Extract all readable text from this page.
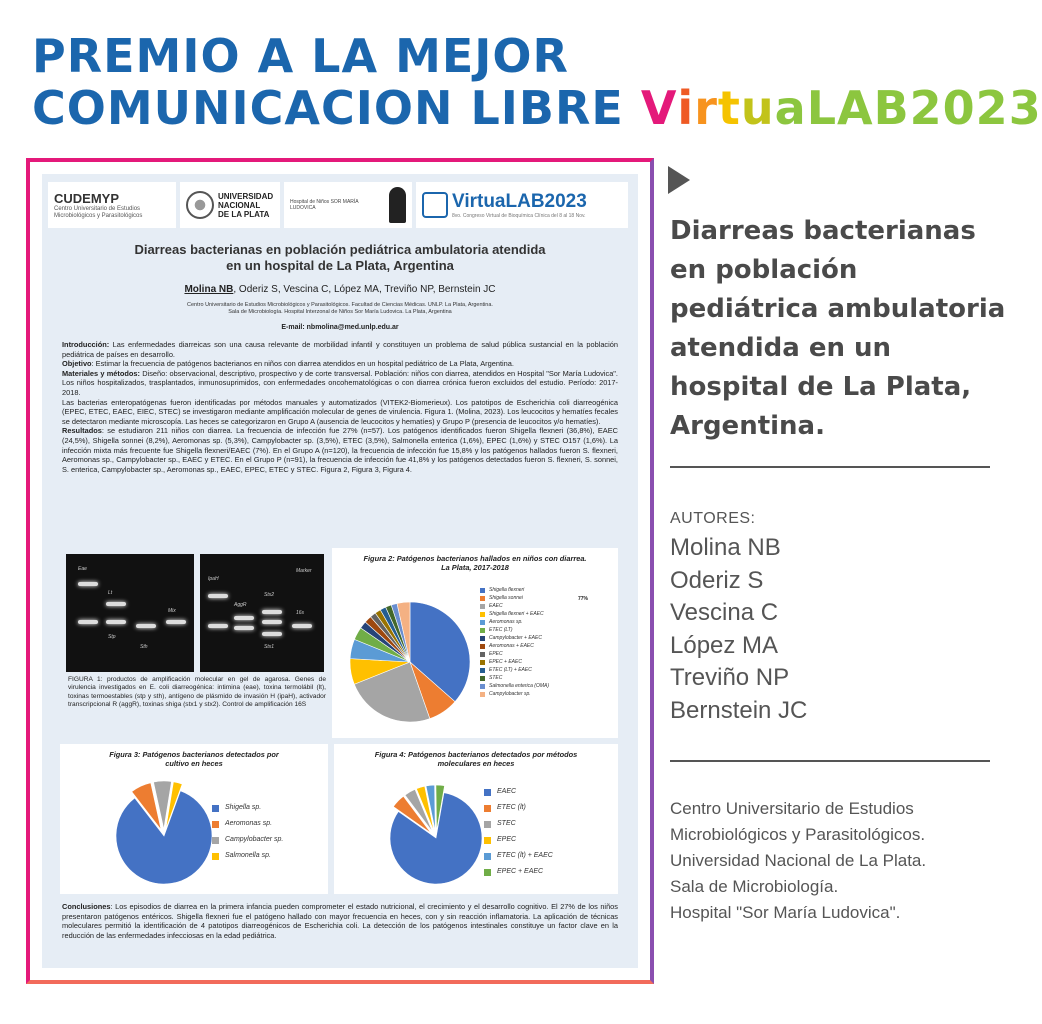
PREMIO A LA MEJOR
COMUNICACION LIBRE VirtuaLAB2023
CUDEMYP
Centro Universitario de Estudios Microbiológicos y Parasitológicos
UNIVERSIDAD
NACIONAL
DE LA PLATA
Hospital de Niños SOR MARÍA LUDOVICA	VirtuaLAB2023
8vo. Congreso Virtual de Bioquímica Clínica del 8 al 18 Nov.
Diarreas bacterianas en población pediátrica ambulatoria atendida
en un hospital de La Plata, Argentina
Molina NB, Oderiz S, Vescina C, López MA, Treviño NP, Bernstein JC
Centro Universitario de Estudios Microbiológicos y Parasitológicos. Facultad de Ciencias Médicas. UNLP. La Plata, Argentina.
Sala de Microbiología. Hospital Interzonal de Niños Sor María Ludovica. La Plata, Argentina
E-mail: nbmolina@med.unlp.edu.ar

Introducción: Las enfermedades diarreicas son una causa relevante de morbilidad infantil y constituyen un problema de salud pública sustancial en la población pediátrica de países en desarrollo.

Objetivo: Estimar la frecuencia de patógenos bacterianos en niños con diarrea atendidos en un hospital pediátrico de La Plata, Argentina.

Materiales y métodos: Diseño: observacional, descriptivo, prospectivo y de corte transversal. Población: niños con diarrea, atendidos en Hospital "Sor María Ludovica". Los niños hospitalizados, trasplantados, inmunosuprimidos, con enfermedades oncohematológicas o con diarrea crónica fueron excluidos del estudio. Período: 2017-2018.

Las bacterias enteropatógenas fueron identificadas por métodos manuales y automatizados (VITEK2-Biomerieux). Los patotipos de Escherichia coli diarreogénica (EPEC, ETEC, EAEC, EIEC, STEC) se investigaron mediante amplificación molecular de genes de virulencia. Figura 1. (Molina, 2023). Los leucocitos y hematíes fecales se detectaron mediante microscopía. Las heces se categorizaron en Grupo A (ausencia de leucocitos y hematíes) y Grupo P (presencia de leucocitos y/o hematíes).

Resultados: se estudiaron 211 niños con diarrea. La frecuencia de infección fue 27% (n=57). Los patógenos identificados fueron Shigella flexneri (36,8%), EAEC (24,5%), Shigella sonnei (8,2%), Aeromonas sp. (5,3%), Campylobacter sp. (3,5%), ETEC (3,5%), Salmonella enterica (1,6%), EPEC (1,6%) y STEC O157 (1,6%). La infección mixta más frecuente fue Shigella flexneri/EAEC (7%). En el Grupo A (n=120), la frecuencia de infección fue 15,8% y los patógenos hallados fueron S. flexneri, Aeromonas sp., Campylobacter sp., EAEC y ETEC. En el Grupo P (n=91), la frecuencia de infección fue 41,8% y los patógenos detectados fueron S. flexneri, S. sonnei, S. enterica, Campylobacter sp., Aeromonas sp., EAEC, EPEC, ETEC y STEC. Figura 2, Figura 3, Figura 4.

Eae
Lt
Stp
Sth
Mix
IpaH
AggR
Stx2
Stx1
16s
Marker
FIGURA 1: productos de amplificación molecular en gel de agarosa. Genes de virulencia investigados en E. coli diarreogénica: intimina (eae), toxina termolábil (lt), toxinas termoestables (stp y sth), antígeno de plásmido de invasión H (ipaH), activador transcripcional R (aggR), toxinas shiga (stx1 y stx2). Control de amplificación 16S
Figura 2: Patógenos bacterianos hallados en niños con diarrea. La Plata, 2017-2018
Shigella flexneri
Shigella sonnei
EAEC
Shigella flexneri + EAEC
Aeromonas sp.
ETEC (LT)
Campylobacter + EAEC
Aeromonas + EAEC
EPEC
EPEC + EAEC
ETEC (LT) + EAEC
STEC
Salmonella enterica (OMA)
Campylobacter sp.
77%
Figura 3: Patógenos bacterianos detectados por cultivo en heces
Shigella sp.
Aeromonas sp.
Campylobacter sp.
Salmonella sp.
Figura 4: Patógenos bacterianos detectados por métodos moleculares en heces
EAEC
ETEC (lt)
STEC
EPEC
ETEC (lt) + EAEC
EPEC + EAEC
Conclusiones: Los episodios de diarrea en la primera infancia pueden comprometer el estado nutricional, el crecimiento y el desarrollo cognitivo. El 27% de los niños presentaron patógenos entéricos. Shigella flexneri fue el patógeno hallado con mayor frecuencia en heces, con y sin reacción inflamatoria. La aplicación de técnicas moleculares permitió la identificación de 4 patotipos diarreogénicos de Escherichia coli. La detección de los patógenos intestinales constituye un factor clave en la reducción de las enfermedades infecciosas en la edad pediátrica.
Diarreas bacterianas en población pediátrica ambulatoria atendida en un hospital de La Plata, Argentina.
AUTORES:
Molina NB
Oderiz S
Vescina C
López MA
Treviño NP
Bernstein JC
Centro Universitario de Estudios
Microbiológicos y Parasitológicos.
Universidad Nacional de La Plata.
Sala de Microbiología.
Hospital "Sor María Ludovica".
